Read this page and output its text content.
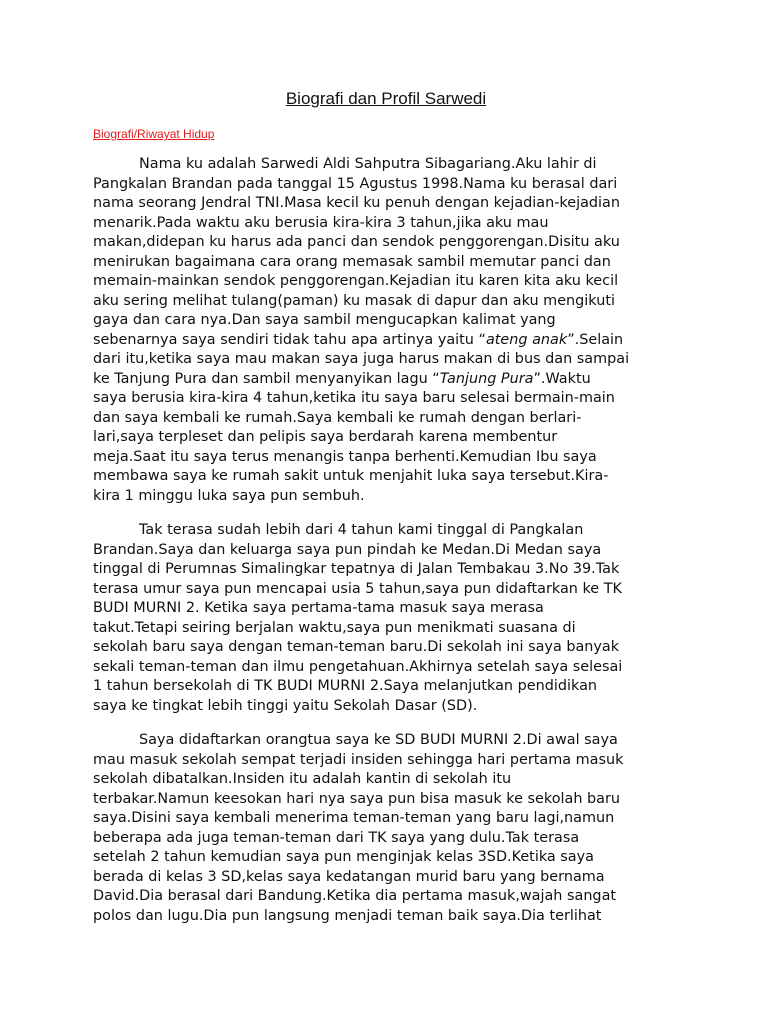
Biografi dan Profil Sarwedi
Biografi/Riwayat Hidup

Nama ku adalah Sarwedi Aldi Sahputra Sibagariang.Aku lahir di
Pangkalan Brandan pada tanggal 15 Agustus 1998.Nama ku berasal dari
nama seorang Jendral TNI.Masa kecil ku penuh dengan kejadian-kejadian
menarik.Pada waktu aku berusia kira-kira 3 tahun,jika aku mau
makan,didepan ku harus ada panci dan sendok penggorengan.Disitu aku
menirukan bagaimana cara orang memasak sambil memutar panci dan
memain-mainkan sendok penggorengan.Kejadian itu karen kita aku kecil
aku sering melihat tulang(paman) ku masak di dapur dan aku mengikuti
gaya dan cara nya.Dan saya sambil mengucapkan kalimat yang
sebenarnya saya sendiri tidak tahu apa artinya yaitu “ateng anak”.Selain
dari itu,ketika saya mau makan saya juga harus makan di bus dan sampai
ke Tanjung Pura dan sambil menyanyikan lagu “Tanjung Pura”.Waktu
saya berusia kira-kira 4 tahun,ketika itu saya baru selesai bermain-main
dan saya kembali ke rumah.Saya kembali ke rumah dengan berlari-
lari,saya terpleset dan pelipis saya berdarah karena membentur
meja.Saat itu saya terus menangis tanpa berhenti.Kemudian Ibu saya
membawa saya ke rumah sakit untuk menjahit luka saya tersebut.Kira-
kira 1 minggu luka saya pun sembuh.

Tak terasa sudah lebih dari 4 tahun kami tinggal di Pangkalan
Brandan.Saya dan keluarga saya pun pindah ke Medan.Di Medan saya
tinggal di Perumnas Simalingkar tepatnya di Jalan Tembakau 3.No 39.Tak
terasa umur saya pun mencapai usia 5 tahun,saya pun didaftarkan ke TK
BUDI MURNI 2. Ketika saya pertama-tama masuk saya merasa
takut.Tetapi seiring berjalan waktu,saya pun menikmati suasana di
sekolah baru saya dengan teman-teman baru.Di sekolah ini saya banyak
sekali teman-teman dan ilmu pengetahuan.Akhirnya setelah saya selesai
1 tahun bersekolah di TK BUDI MURNI 2.Saya melanjutkan pendidikan
saya ke tingkat lebih tinggi yaitu Sekolah Dasar (SD).

Saya didaftarkan orangtua saya ke SD BUDI MURNI 2.Di awal saya
mau masuk sekolah sempat terjadi insiden sehingga hari pertama masuk
sekolah dibatalkan.Insiden itu adalah kantin di sekolah itu
terbakar.Namun keesokan hari nya saya pun bisa masuk ke sekolah baru
saya.Disini saya kembali menerima teman-teman yang baru lagi,namun
beberapa ada juga teman-teman dari TK saya yang dulu.Tak terasa
setelah 2 tahun kemudian saya pun menginjak kelas 3SD.Ketika saya
berada di kelas 3 SD,kelas saya kedatangan murid baru yang bernama
David.Dia berasal dari Bandung.Ketika dia pertama masuk,wajah sangat
polos dan lugu.Dia pun langsung menjadi teman baik saya.Dia terlihat
